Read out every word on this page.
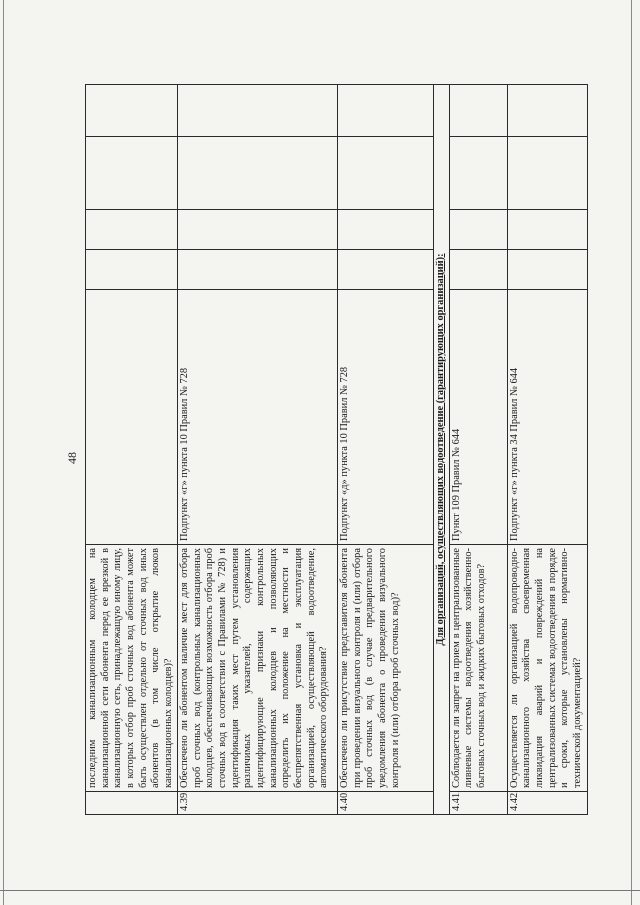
48
	последним канализационным колодцем на канализационной сети абонента перед ее врезкой в канализационную сеть, принадлежащую иному лицу, в которых отбор проб сточных вод абонента может быть осуществлен отдельно от сточных вод иных абонентов (в том числе открытие люков канализационных колодцев)?					
4.39.	Обеспечено ли абонентом наличие мест для отбора проб сточных вод (контрольных канализационных колодцев, обеспечивающих возможность отбора проб сточных вод в соответствии с Правилами № 728) и идентификация таких мест путем установления различимых указателей, содержащих идентифицирующие признаки контрольных канализационных колодцев и позволяющих определить их положение на местности и беспрепятственная установка и эксплуатация организацией, осуществляющей водоотведение, автоматического оборудования?	Подпункт «г» пункта 10 Правил № 728				
4.40.	Обеспечено ли присутствие представителя абонента при проведении визуального контроля и (или) отбора проб сточных вод (в случае предварительного уведомления абонента о проведении визуального контроля и (или) отбора проб сточных вод)?	Подпункт «д» пункта 10 Правил № 728				
Для организаций, осуществляющих водоотведение (гарантирующих организаций):						
4.41.	Соблюдается ли запрет на прием в централизованные ливневые системы водоотведения хозяйственно-бытовых сточных вод и жидких бытовых отходов?	Пункт 109 Правил № 644				
4.42.	Осуществляется ли организацией водопроводно-канализационного хозяйства своевременная ликвидация аварий и повреждений на централизованных системах водоотведения в порядке и сроки, которые установлены нормативно-технической документацией?	Подпункт «г» пункта 34 Правил № 644				
